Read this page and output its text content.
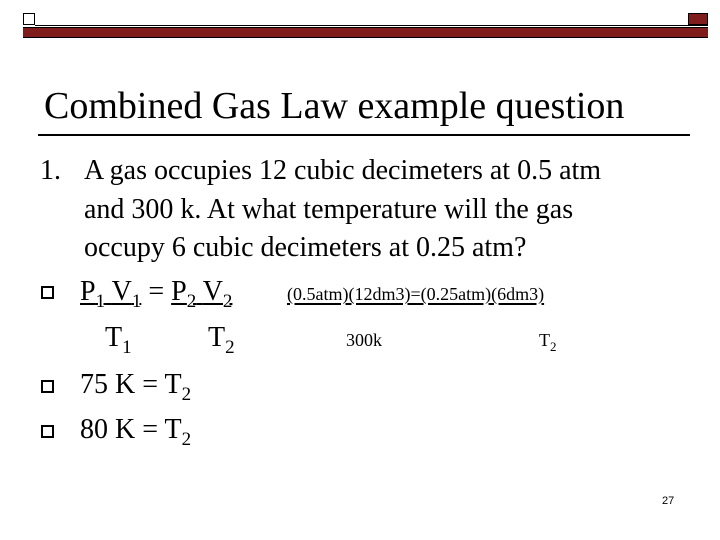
Combined Gas Law example question
1. A gas occupies 12 cubic decimeters at 0.5 atm
and 300 k. At what temperature will the gas
occupy 6 cubic decimeters at 0.25 atm?
$P_1$ $V_1 = P_2$ $V_2$	(0.5atm)(12dm3)=(0.25atm)(6dm3)
$T_1$	$T_2$	300k	$T_2$
75 $K = T_2$
80 $K = T_2$
27
